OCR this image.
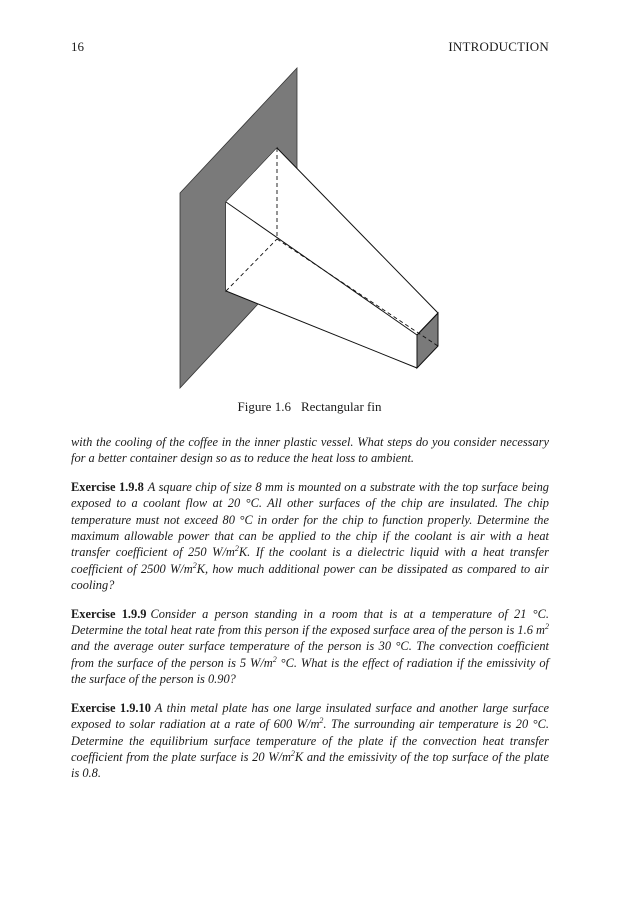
16	INTRODUCTION
Figure 1.6 Rectangular fin

with the cooling of the coffee in the inner plastic vessel. What steps do you consider necessary for a better container design so as to reduce the heat loss to ambient.

Exercise 1.9.8 A square chip of size 8 mm is mounted on a substrate with the top surface being exposed to a coolant flow at 20 °C. All other surfaces of the chip are insulated. The chip temperature must not exceed 80 °C in order for the chip to function properly. Determine the maximum allowable power that can be applied to the chip if the coolant is air with a heat transfer coefficient of 250 $W/m^2K$. If the coolant is a dielectric liquid with a heat transfer coefficient of 2500 $W/m^2K$, how much additional power can be dissipated as compared to air cooling?

Exercise 1.9.9 Consider a person standing in a room that is at a temperature of 21 °C. Determine the total heat rate from this person if the exposed surface area of the person is 1.6 $m^2$ and the average outer surface temperature of the person is 30 °C. The convection coefficient from the surface of the person is 5 $W/m^2$ °C. What is the effect of radiation if the emissivity of the surface of the person is 0.90?

Exercise 1.9.10 A thin metal plate has one large insulated surface and another large surface exposed to solar radiation at a rate of 600 $W/m^2$. The surrounding air temperature is 20 °C. Determine the equilibrium surface temperature of the plate if the convection heat transfer coefficient from the plate surface is 20 $W/m^2K$ and the emissivity of the top surface of the plate is 0.8.
